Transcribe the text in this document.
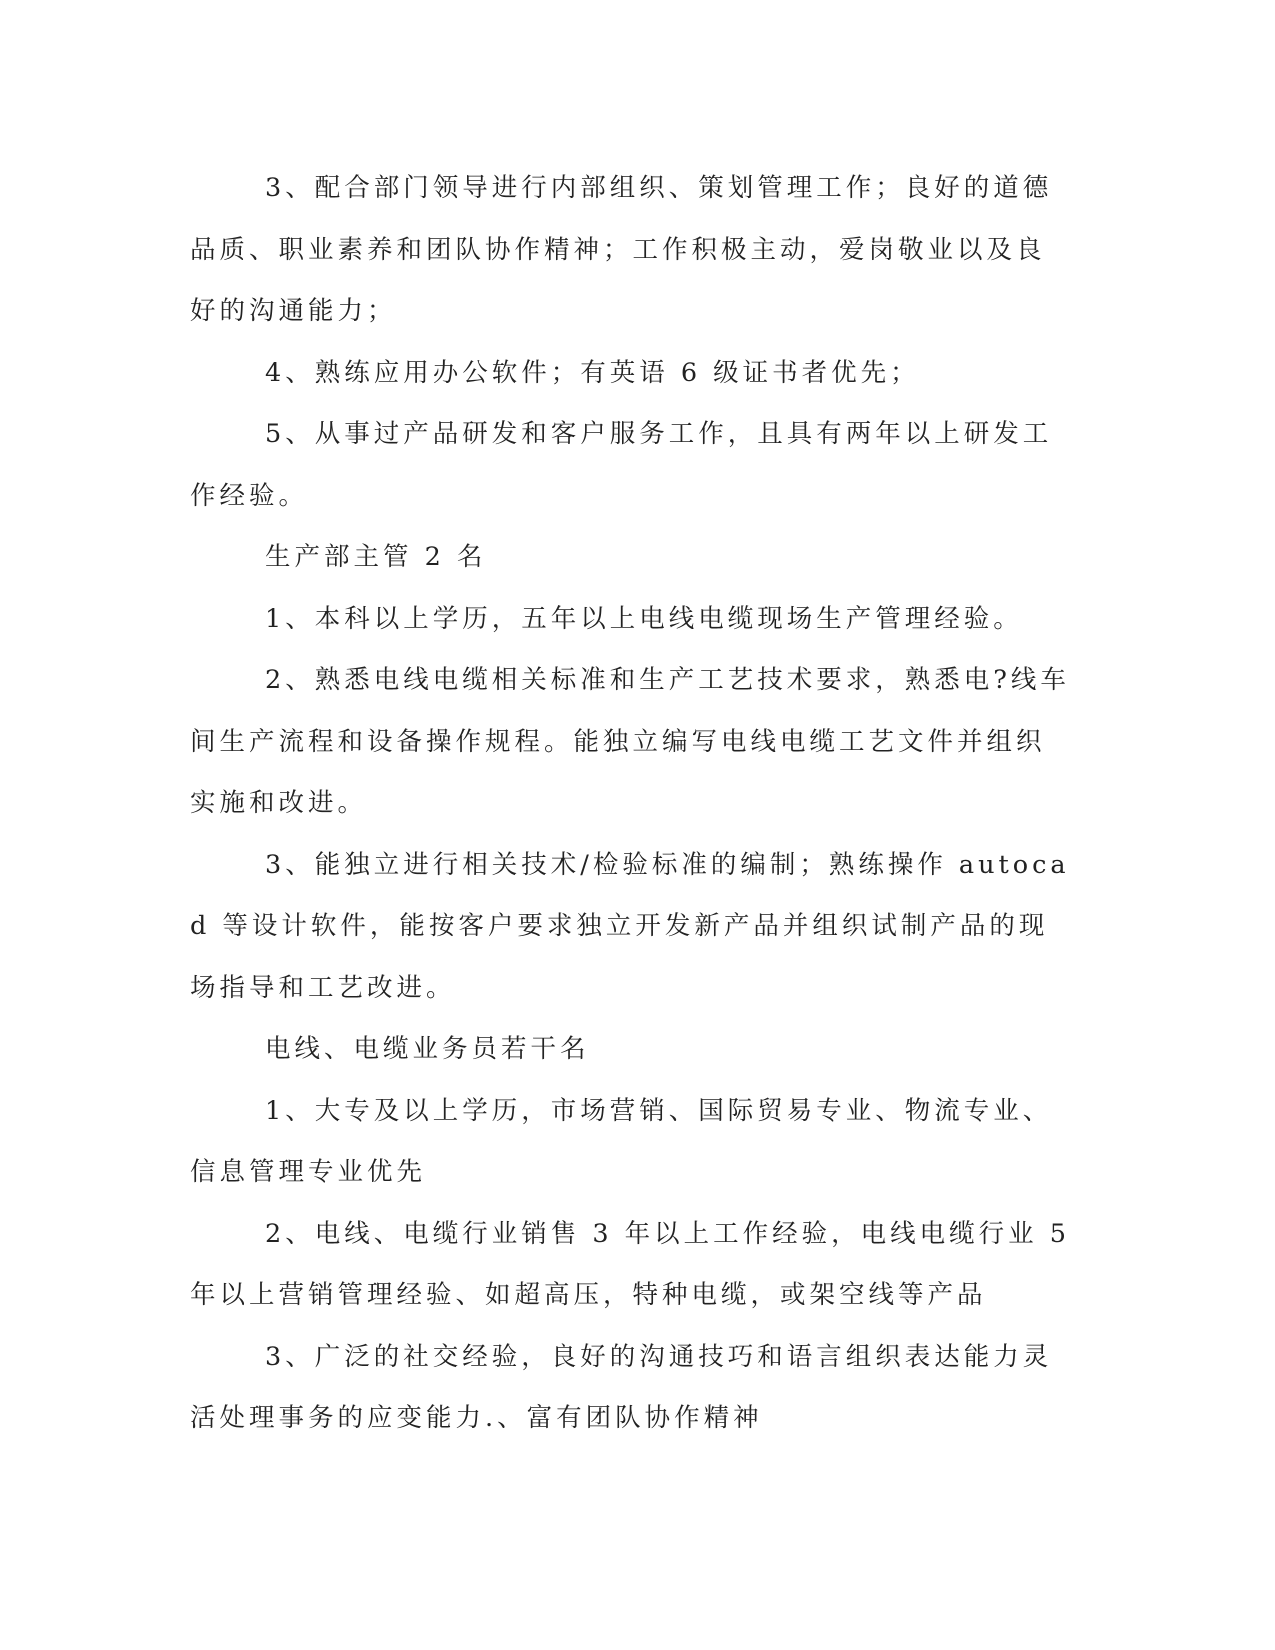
3、配合部门领导进行内部组织、策划管理工作；良好的道德品质、职业素养和团队协作精神；工作积极主动，爱岗敬业以及良好的沟通能力；

4、熟练应用办公软件；有英语 6 级证书者优先；

5、从事过产品研发和客户服务工作，且具有两年以上研发工作经验。

生产部主管 2 名

1、本科以上学历，五年以上电线电缆现场生产管理经验。

2、熟悉电线电缆相关标准和生产工艺技术要求，熟悉电?线车间生产流程和设备操作规程。能独立编写电线电缆工艺文件并组织实施和改进。

3、能独立进行相关技术/检验标准的编制；熟练操作 autocad 等设计软件，能按客户要求独立开发新产品并组织试制产品的现场指导和工艺改进。

电线、电缆业务员若干名

1、大专及以上学历，市场营销、国际贸易专业、物流专业、信息管理专业优先

2、电线、电缆行业销售 3 年以上工作经验，电线电缆行业 5 年以上营销管理经验、如超高压，特种电缆，或架空线等产品

3、广泛的社交经验，良好的沟通技巧和语言组织表达能力灵活处理事务的应变能力.、富有团队协作精神
